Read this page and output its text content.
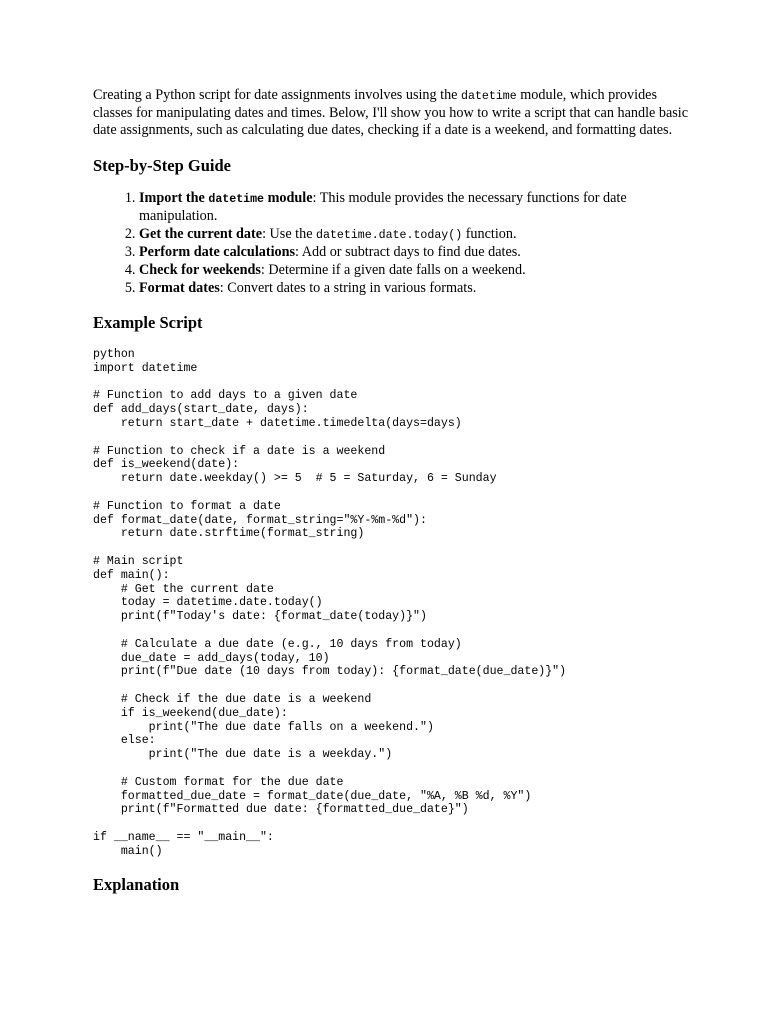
Creating a Python script for date assignments involves using the datetime module, which provides classes for manipulating dates and times. Below, I'll show you how to write a script that can handle basic date assignments, such as calculating due dates, checking if a date is a weekend, and formatting dates.

Step-by-Step Guide
1. Import the datetime module: This module provides the necessary functions for date manipulation.
2. Get the current date: Use the datetime.date.today() function.
3. Perform date calculations: Add or subtract days to find due dates.
4. Check for weekends: Determine if a given date falls on a weekend.
5. Format dates: Convert dates to a string in various formats.
Example Script
python
import datetime

# Function to add days to a given date
def add_days(start_date, days):
return start_date + datetime.timedelta(days=days)

# Function to check if a date is a weekend
def is_weekend(date):
return date.weekday() >= 5  # 5 = Saturday, 6 = Sunday

# Function to format a date
def format_date(date, format_string="%Y-%m-%d"):
return date.strftime(format_string)

# Main script
def main():
# Get the current date
today = datetime.date.today()
print(f"Today's date: {format_date(today)}")

# Calculate a due date (e.g., 10 days from today)
due_date = add_days(today, 10)
print(f"Due date (10 days from today): {format_date(due_date)}")

# Check if the due date is a weekend
if is_weekend(due_date):
print("The due date falls on a weekend.")
else:
print("The due date is a weekday.")

# Custom format for the due date
formatted_due_date = format_date(due_date, "%A, %B %d, %Y")
print(f"Formatted due date: {formatted_due_date}")

if __name__ == "__main__":
main()

Explanation
